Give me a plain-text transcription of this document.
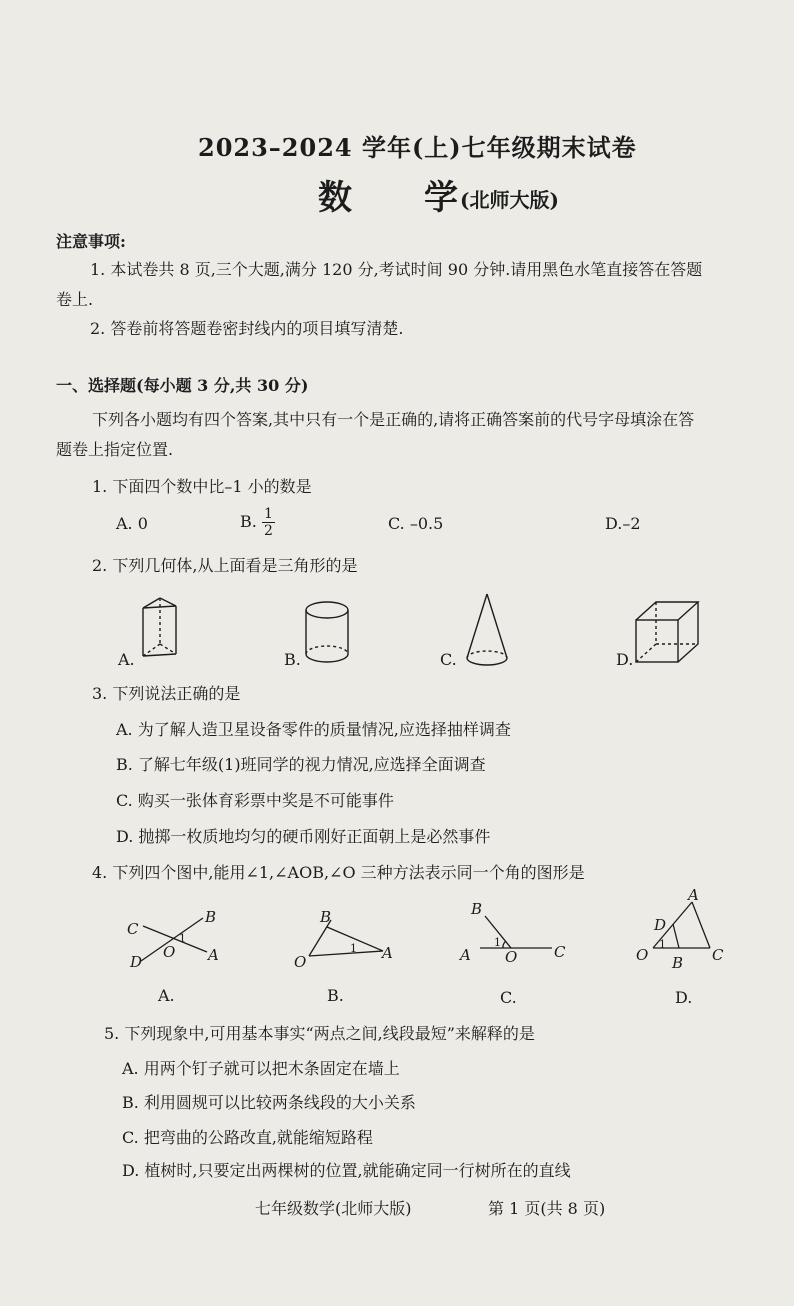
2023–2024 学年(上)七年级期末试卷
数 学 (北师大版)
注意事项:
1. 本试卷共 8 页,三个大题,满分 120 分,考试时间 90 分钟.请用黑色水笔直接答在答题
卷上.
2. 答卷前将答题卷密封线内的项目填写清楚.
一、选择题(每小题 3 分,共 30 分)
下列各小题均有四个答案,其中只有一个是正确的,请将正确答案前的代号字母填涂在答
题卷上指定位置.
1. 下面四个数中比–1 小的数是
A. 0	B. $\frac{1}{2}$	C. –0.5	D.–2
2. 下列几何体,从上面看是三角形的是
A.	B.	C.	D.
3. 下列说法正确的是
A. 为了解人造卫星设备零件的质量情况,应选择抽样调查
B. 了解七年级(1)班同学的视力情况,应选择全面调查
C. 购买一张体育彩票中奖是不可能事件
D. 抛掷一枚质地均匀的硬币刚好正面朝上是必然事件
4. 下列四个图中,能用∠1,∠AOB,∠O 三种方法表示同一个角的图形是
C
B
D
O A
1
B
O	A
1
B
A O C
1
A
D
O B C
1
A.	B.	C.	D.
5. 下列现象中,可用基本事实“两点之间,线段最短”来解释的是
A. 用两个钉子就可以把木条固定在墙上
B. 利用圆规可以比较两条线段的大小关系
C. 把弯曲的公路改直,就能缩短路程
D. 植树时,只要定出两棵树的位置,就能确定同一行树所在的直线
七年级数学(北师大版)	第 1 页(共 8 页)
